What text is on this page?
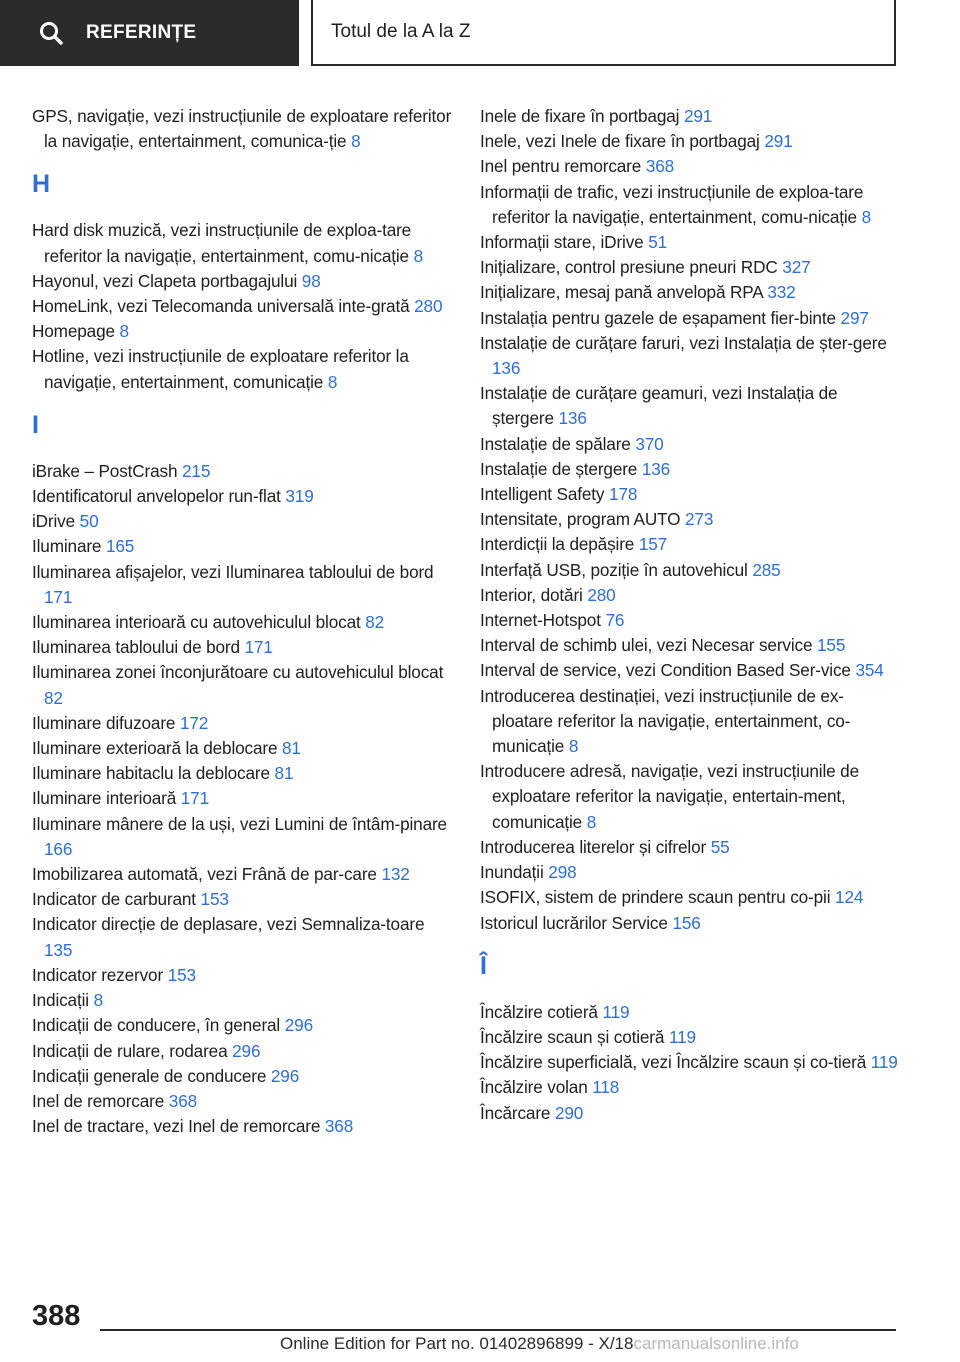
REFERINȚE	Totul de la A la Z
GPS, navigație, vezi instrucțiunile de exploatare referitor la navigație, entertainment, comunica-ție 8
H
Hard disk muzică, vezi instrucțiunile de exploa-tare referitor la navigație, entertainment, comu-nicație 8
Hayonul, vezi Clapeta portbagajului 98
HomeLink, vezi Telecomanda universală inte-grată 280
Homepage 8
Hotline, vezi instrucțiunile de exploatare referitor la navigație, entertainment, comunicație 8
I
iBrake – PostCrash 215
Identificatorul anvelopelor run-flat 319
iDrive 50
Iluminare 165
Iluminarea afișajelor, vezi Iluminarea tabloului de bord 171
Iluminarea interioară cu autovehiculul blocat 82
Iluminarea tabloului de bord 171
Iluminarea zonei înconjurătoare cu autovehiculul blocat 82
Iluminare difuzoare 172
Iluminare exterioară la deblocare 81
Iluminare habitaclu la deblocare 81
Iluminare interioară 171
Iluminare mânere de la uși, vezi Lumini de întâm-pinare 166
Imobilizarea automată, vezi Frână de par-care 132
Indicator de carburant 153
Indicator direcție de deplasare, vezi Semnaliza-toare 135
Indicator rezervor 153
Indicații 8
Indicații de conducere, în general 296
Indicații de rulare, rodarea 296
Indicații generale de conducere 296
Inel de remorcare 368
Inel de tractare, vezi Inel de remorcare 368
Inele de fixare în portbagaj 291
Inele, vezi Inele de fixare în portbagaj 291
Inel pentru remorcare 368
Informații de trafic, vezi instrucțiunile de exploa-tare referitor la navigație, entertainment, comu-nicație 8
Informații stare, iDrive 51
Inițializare, control presiune pneuri RDC 327
Inițializare, mesaj pană anvelopă RPA 332
Instalația pentru gazele de eșapament fier-binte 297
Instalație de curățare faruri, vezi Instalația de șter-gere 136
Instalație de curățare geamuri, vezi Instalația de ștergere 136
Instalație de spălare 370
Instalație de ștergere 136
Intelligent Safety 178
Intensitate, program AUTO 273
Interdicții la depășire 157
Interfață USB, poziție în autovehicul 285
Interior, dotări 280
Internet-Hotspot 76
Interval de schimb ulei, vezi Necesar service 155
Interval de service, vezi Condition Based Ser-vice 354
Introducerea destinației, vezi instrucțiunile de ex-ploatare referitor la navigație, entertainment, co-municație 8
Introducere adresă, navigație, vezi instrucțiunile de exploatare referitor la navigație, entertain-ment, comunicație 8
Introducerea literelor și cifrelor 55
Inundații 298
ISOFIX, sistem de prindere scaun pentru co-pii 124
Istoricul lucrărilor Service 156
Î
Încălzire cotieră 119
Încălzire scaun și cotieră 119
Încălzire superficială, vezi Încălzire scaun și co-tieră 119
Încălzire volan 118
Încărcare 290
388
Online Edition for Part no. 01402896899 - X/18carmanualsonline.info
